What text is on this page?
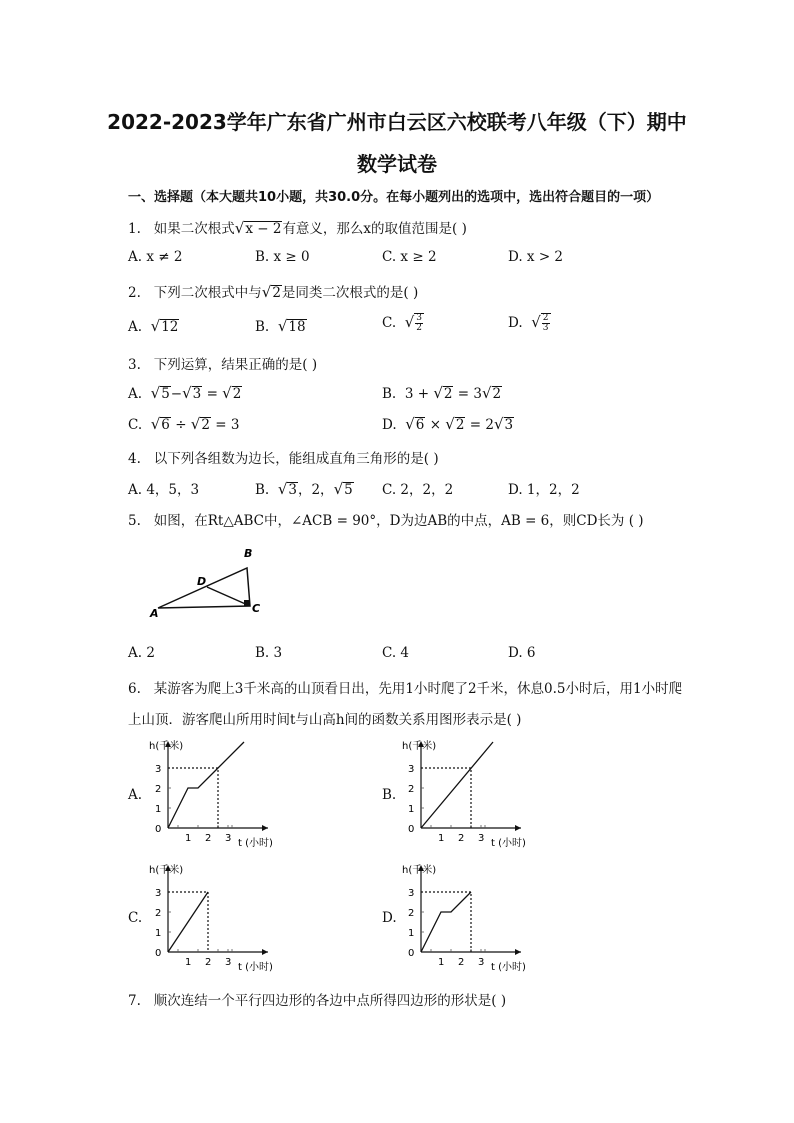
2022-2023学年广东省广州市白云区六校联考八年级（下）期中
数学试卷
一、选择题（本大题共10小题，共30.0分。在每小题列出的选项中，选出符合题目的一项）
1. 如果二次根式√x − 2有意义，那么x的取值范围是( )
A. x ≠ 2	B. x ≥ 0	C. x ≥ 2	D. x > 2
2. 下列二次根式中与√2是同类二次根式的是( )
A. √12	B. √18	C. √ $\frac{3}{2}$	D. √ $\frac{2}{3}$
3. 下列运算，结果正确的是( )
A. √5−√3 = √2	B. 3 + √2 = 3√2
C. √6 ÷ √2 = 3	D. √6 × √2 = 2√3
4. 以下列各组数为边长，能组成直角三角形的是( )
A. 4，5，3	B. √3，2，√5 C. 2，2，2	D. 1，2，2
5. 如图，在Rt△ABC中，∠ACB = 90°，D为边AB的中点，AB = 6，则CD长为 ( )
A
B
C
D
A. 2	B. 3	C. 4	D. 6
6. 某游客为爬上3千米高的山顶看日出，先用1小时爬了2千米，休息0.5小时后，用1小时爬
上山顶．游客爬山所用时间t与山高h间的函数关系用图形表示是( )
A.	B.
C.	D.
h(千米)
t (小时)
0
1
2
3
1 2 3
h(千米)
t (小时)
0
1
2
3
1 2 3
h(千米)
t (小时)
0
1
2
3
1 2 3
h(千米)
t (小时)
0
1
2
3
1 2 3
7. 顺次连结一个平行四边形的各边中点所得四边形的形状是( )
